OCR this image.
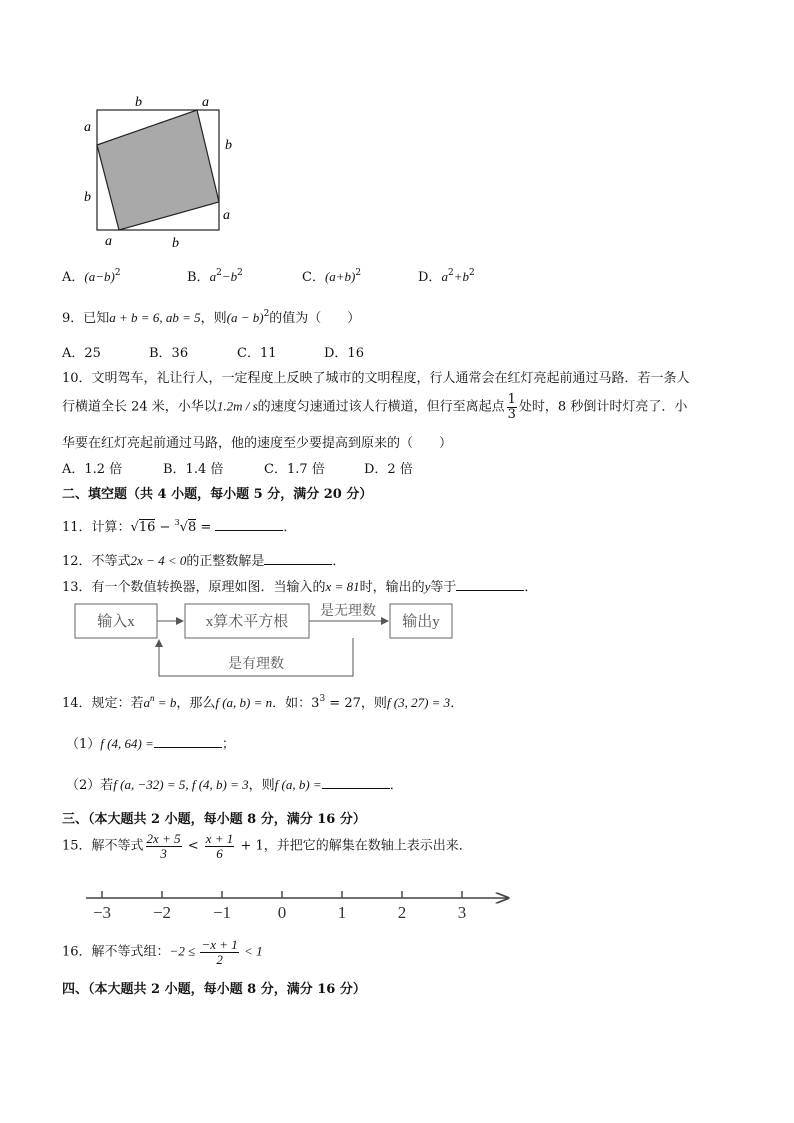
b	a
a
b
b
a
a	b
A．$(a-b)^2$	B．$a^2-b^2$	C．$(a+b)^2$	D．$a^2+b^2$
9．已知a + b = 6, ab = 5，则$(a - b)^2$的值为（　　）
A．25	B．36	C．11	D．16
10．文明驾车，礼让行人，一定程度上反映了城市的文明程度，行人通常会在红灯亮起前通过马路．若一条人
行横道全长 24 米，小华以1.2m / s的速度匀速通过该人行横道，但行至离起点 $\frac{1}{3}$ 处时，8 秒倒计时灯亮了．小
华要在红灯亮起前通过马路，他的速度至少要提高到原来的（　　）
A．1.2 倍	B．1.4 倍	C．1.7 倍	D．2 倍
二、填空题（共 4 小题，每小题 5 分，满分 20 分）
11．计算：√16 − $^3$√8 =	．
12．不等式2x − 4 < 0的正整数解是	．
13．有一个数值转换器，原理如图．当输入的x = 81时，输出的y等于	．
输入x	x算术平方根
是无理数
输出y
是有理数
14．规定：若$a^n = b$，那么f (a, b) = n．如：$3^3 = 27$，则f (3, 27) = 3．
（1）f (4, 64) =	；
（2）若f (a, −32) = 5, f (4, b) = 3，则f (a, b) =	．
三、（本大题共 2 小题，每小题 8 分，满分 16 分）
15．解不等式 $\frac{2x + 5}{3} < \frac{x + 1}{6} + 1$，并把它的解集在数轴上表示出来．
−3 −2 −1	0	1	2	3
16．解不等式组：$-2 \le \frac{-x + 1}{2} < 1$
四、（本大题共 2 小题，每小题 8 分，满分 16 分）
